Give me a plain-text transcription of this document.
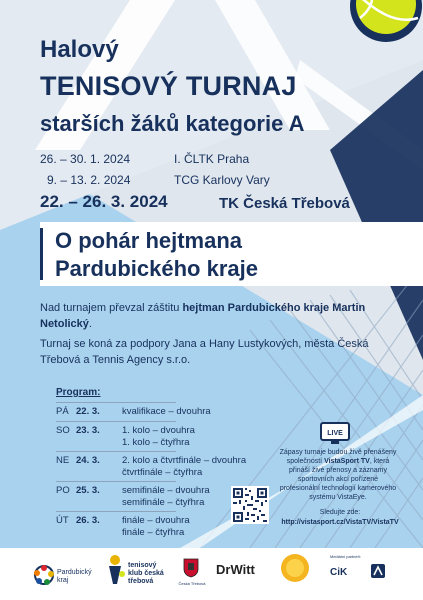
Halový
TENISOVÝ TURNAJ
starších žáků kategorie A
26. – 30. 1. 2024	I. ČLTK Praha
9. – 13. 2. 2024	TCG Karlovy Vary
22. – 26. 3. 2024	TK Česká Třebová
O pohár hejtmana
Pardubického kraje
Nad turnajem převzal záštitu hejtman Pardubického kraje Martin Netolický.
Turnaj se koná za podpory Jana a Hany Lustykových, města Česká Třebová a Tennis Agency s.r.o.
Program:
PÁ 22. 3.	kvalifikace – dvouhra
SO 23. 3.	1. kolo – dvouhra
1. kolo – čtyřhra
NE 24. 3.	2. kolo a čtvrtfinále – dvouhra
čtvrtfinále – čtyřhra
PO 25. 3.	semifinále – dvouhra
semifinále – čtyřhra
ÚT 26. 3.	finále – dvouhra
finále – čtyřhra
LIVE
Zápasy turnaje budou živě přenášeny společností VistaSport TV, která přináší živé přenosy a záznamy sportovních akcí pořízené profesionální technologií kamerového systému VistaEye.
Sledujte zde:
http://vistasport.cz/VistaTV/VistaTV
Pardubický kraj
tenisový klub česká třebová	Česká Třebová
DrWitt
Mediální partneři:
CiK
